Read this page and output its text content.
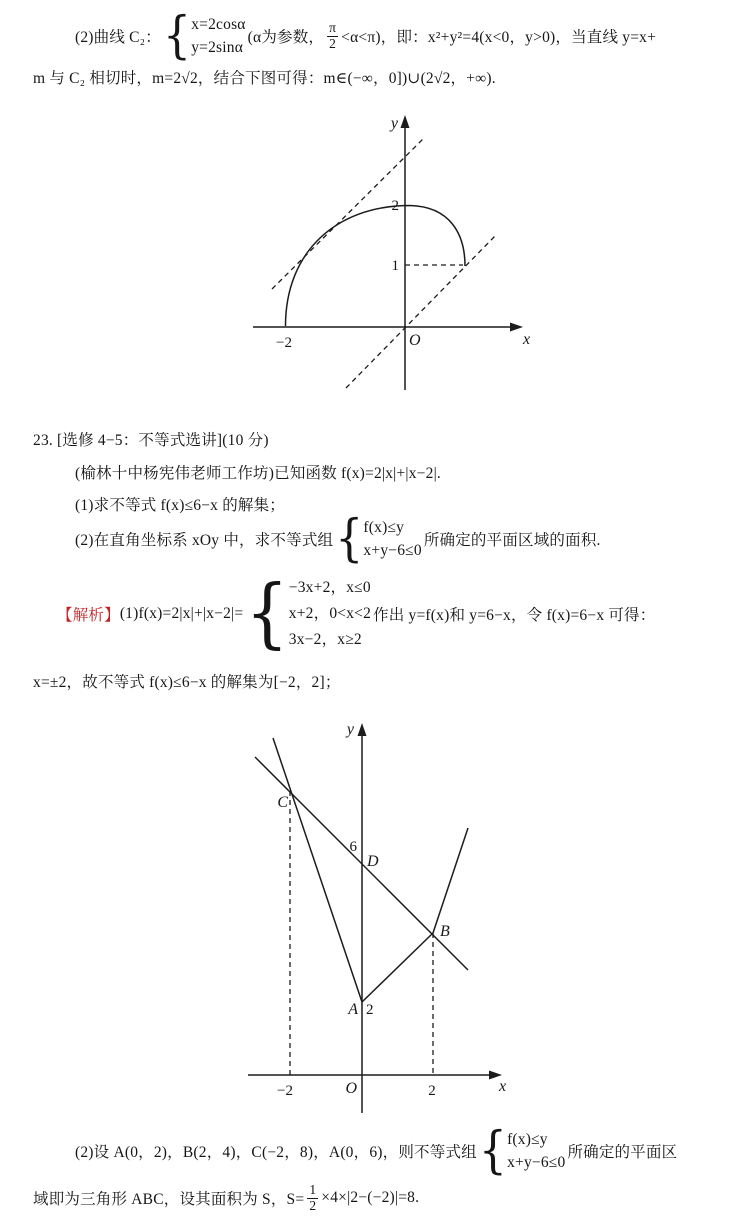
(2)曲线 C₂： { x=2cosα
y=2sinα
(α为参数， $\frac{\pi}{2} <\alpha<\pi$)，即：x²+y²=4(x<0，y>0)，当直线 y=x+
m 与 C₂ 相切时，m=2√2，结合下图可得：m∈(−∞，0])∪(2√2，+∞).
y
x
O
2
1
−2
23. [选修 4−5：不等式选讲](10 分)
(榆林十中杨宪伟老师工作坊)已知函数 f(x)=2|x|+|x−2|.
(1)求不等式 f(x)≤6−x 的解集；
(2)在直角坐标系 xOy 中，求不等式组 { f(x)≤y
x+y−6≤0
所确定的平面区域的面积.
【解析】 (1)f(x)=2|x|+|x−2|= { −3x+2，x≤0
x+2，0<x<2
3x−2，x≥2
作出 y=f(x)和 y=6−x，令 f(x)=6−x 可得：
x=±2，故不等式 f(x)≤6−x 的解集为[−2，2]；
y
x
O
C
6
D
A 2
B
−2	2
(2)设 A(0，2)，B(2，4)，C(−2，8)，A(0，6)，则不等式组 { f(x)≤y
x+y−6≤0
所确定的平面区
域即为三角形 ABC，设其面积为 S，$S= \frac{1}{2} \times 4\times|2-(-2)|=8$.
